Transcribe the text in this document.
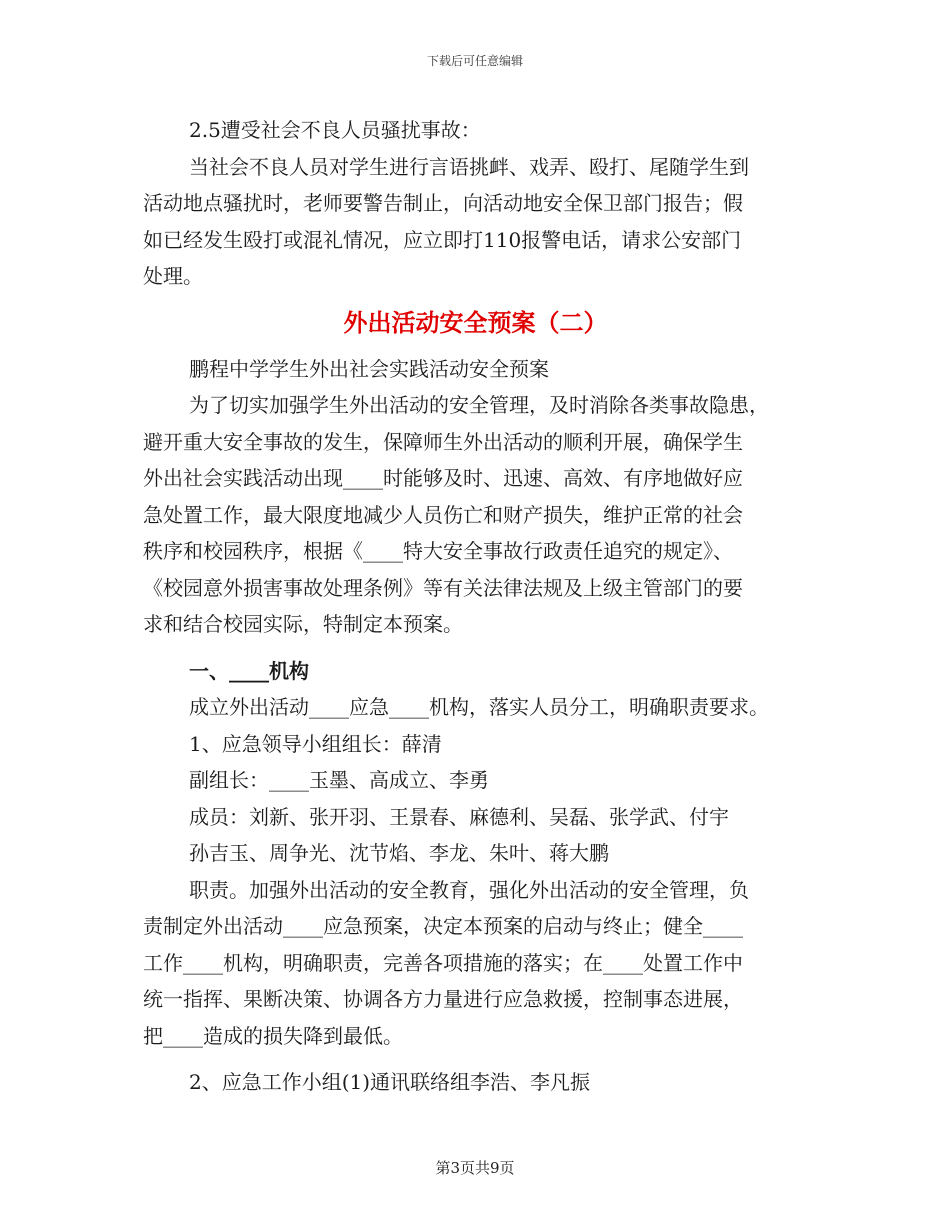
下载后可任意编辑
2.5遭受社会不良人员骚扰事故：
当社会不良人员对学生进行言语挑衅、戏弄、殴打、尾随学生到
活动地点骚扰时，老师要警告制止，向活动地安全保卫部门报告；假
如已经发生殴打或混礼情况，应立即打110报警电话，请求公安部门
处理。
外出活动安全预案（二）
鹏程中学学生外出社会实践活动安全预案
为了切实加强学生外出活动的安全管理，及时消除各类事故隐患，
避开重大安全事故的发生，保障师生外出活动的顺利开展，确保学生
外出社会实践活动出现____时能够及时、迅速、高效、有序地做好应
急处置工作，最大限度地减少人员伤亡和财产损失，维护正常的社会
秩序和校园秩序，根据《____特大安全事故行政责任追究的规定》、
《校园意外损害事故处理条例》等有关法律法规及上级主管部门的要
求和结合校园实际，特制定本预案。
一、____机构
成立外出活动____应急____机构，落实人员分工，明确职责要求。
1、应急领导小组组长：薛清
副组长：____玉墨、高成立、李勇
成员：刘新、张开羽、王景春、麻德利、吴磊、张学武、付宇
孙吉玉、周争光、沈节焰、李龙、朱叶、蒋大鹏
职责。加强外出活动的安全教育，强化外出活动的安全管理，负
责制定外出活动____应急预案，决定本预案的启动与终止；健全____
工作____机构，明确职责，完善各项措施的落实；在____处置工作中
统一指挥、果断决策、协调各方力量进行应急救援，控制事态进展，
把____造成的损失降到最低。
2、应急工作小组(1)通讯联络组李浩、李凡振
第3页共9页
